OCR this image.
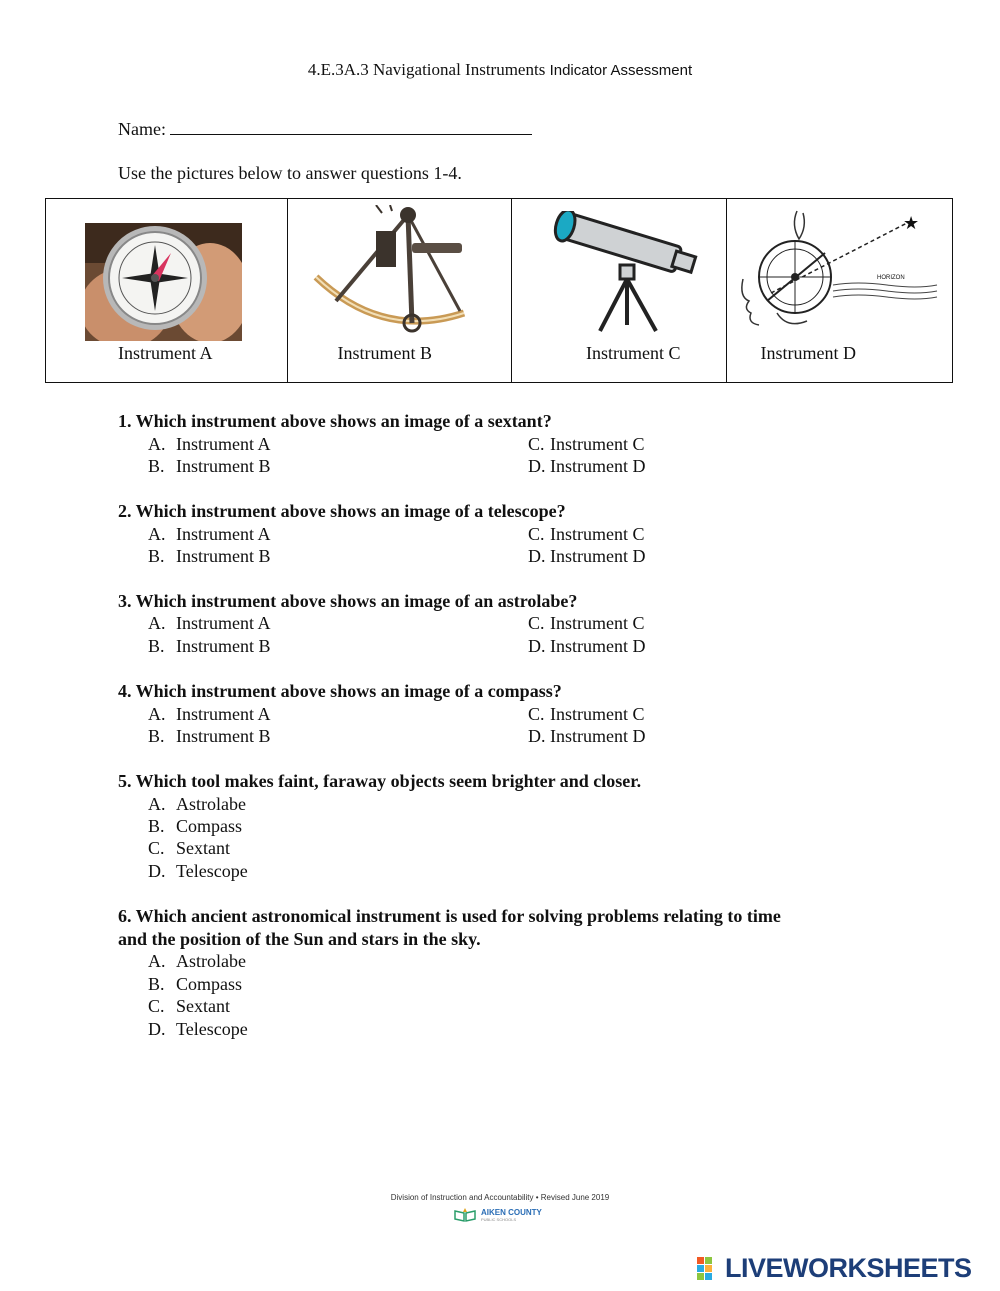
4.E.3A.3 Navigational Instruments Indicator Assessment
Name:
Use the pictures below to answer questions 1-4.
Instrument A	Instrument B	Instrument C
★
HORIZON
Instrument D
1. Which instrument above shows an image of a sextant?
A. Instrument A
B. Instrument B
C. Instrument C
D. Instrument D
2. Which instrument above shows an image of a telescope?
A. Instrument A
B. Instrument B
C. Instrument C
D. Instrument D
3. Which instrument above shows an image of an astrolabe?
A. Instrument A
B. Instrument B
C. Instrument C
D. Instrument D
4. Which instrument above shows an image of a compass?
A. Instrument A
B. Instrument B
C. Instrument C
D. Instrument D
5. Which tool makes faint, faraway objects seem brighter and closer.
A. Astrolabe
B. Compass
C. Sextant
D. Telescope
6. Which ancient astronomical instrument is used for solving problems relating to time
and the position of the Sun and stars in the sky.
A. Astrolabe
B. Compass
C. Sextant
D. Telescope
Division of Instruction and Accountability • Revised June 2019
AIKEN COUNTY
PUBLIC SCHOOLS
LIVEWORKSHEETS
